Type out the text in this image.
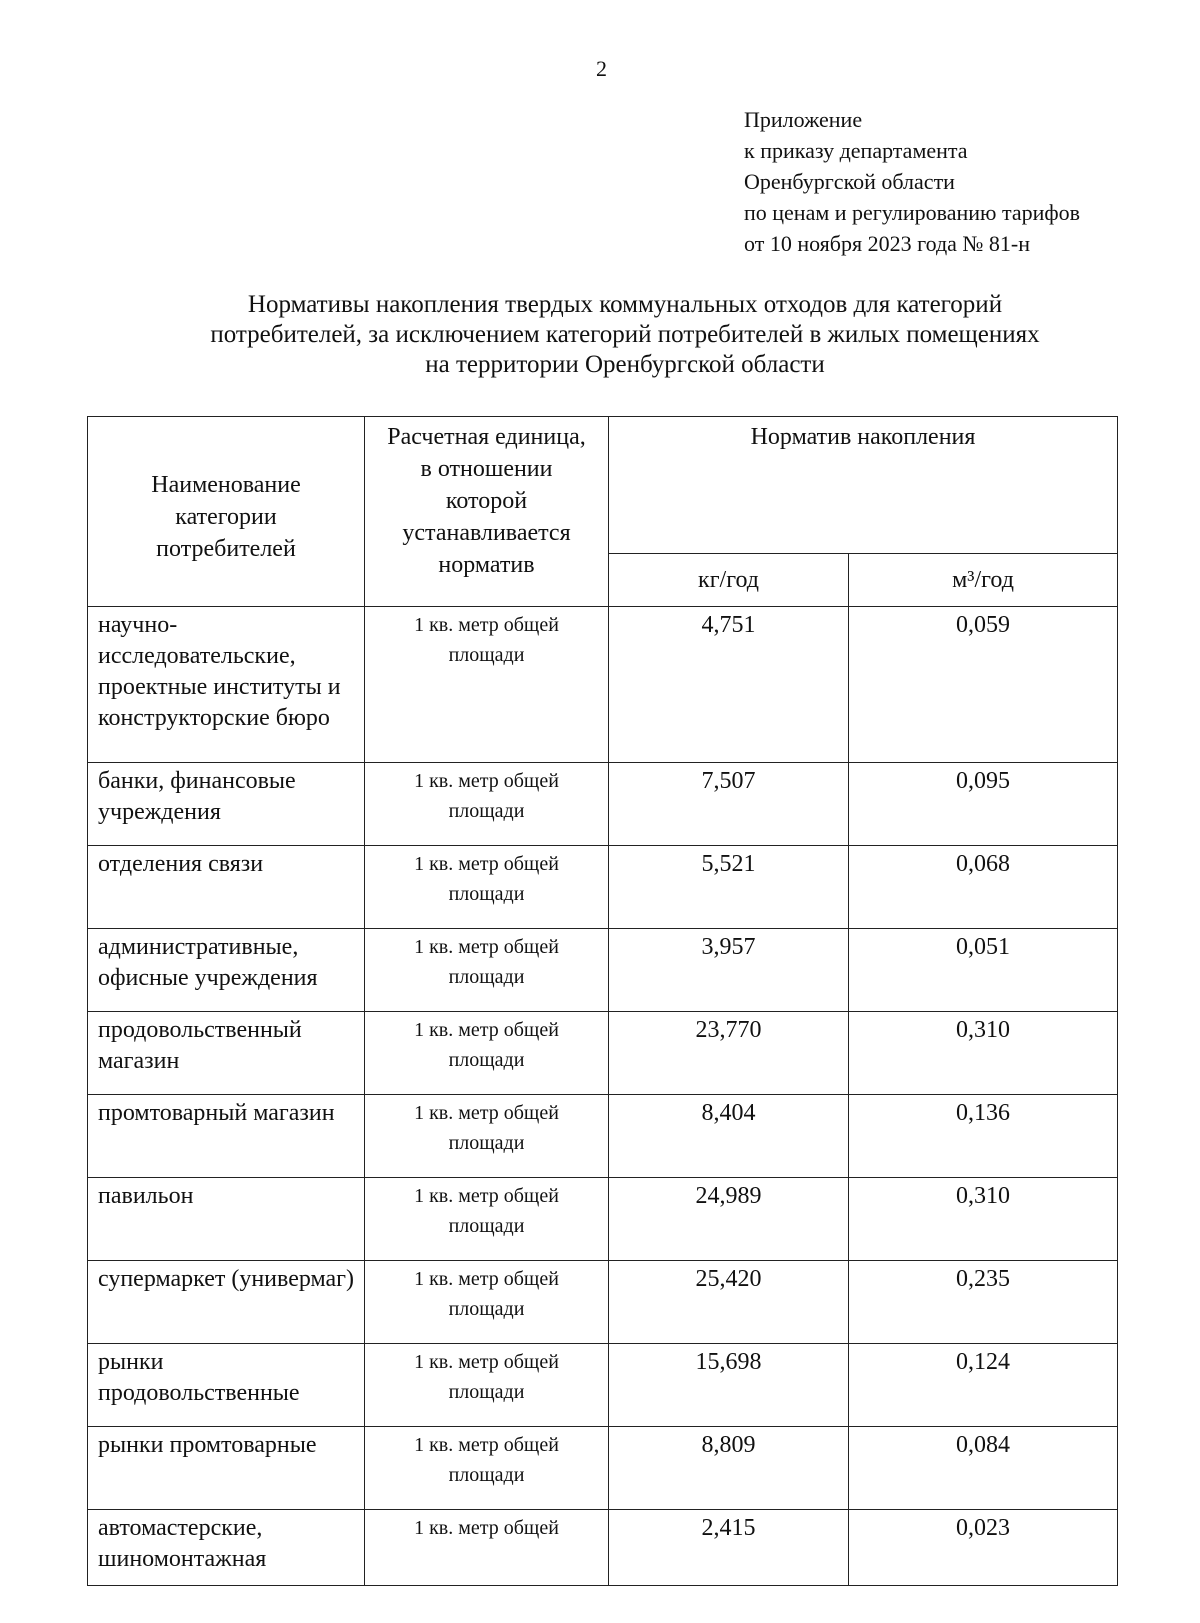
2
Приложение
к приказу департамента
Оренбургской области
по ценам и регулированию тарифов
от 10 ноября 2023 года № 81-н
Нормативы накопления твердых коммунальных отходов для категорий
потребителей, за исключением категорий потребителей в жилых помещениях
на территории Оренбургской области
Наименование категории потребителей	Расчетная единица, в отношении которой устанавливается норматив	Норматив накопления	
		кг/год	м³/год
научно-исследовательские, проектные институты и конструкторские бюро	1 кв. метр общей площади	4,751	0,059
банки, финансовые учреждения	1 кв. метр общей площади	7,507	0,095
отделения связи	1 кв. метр общей площади	5,521	0,068
административные, офисные учреждения	1 кв. метр общей площади	3,957	0,051
продовольственный магазин	1 кв. метр общей площади	23,770	0,310
промтоварный магазин	1 кв. метр общей площади	8,404	0,136
павильон	1 кв. метр общей площади	24,989	0,310
супермаркет (универмаг)	1 кв. метр общей площади	25,420	0,235
рынки продовольственные	1 кв. метр общей площади	15,698	0,124
рынки промтоварные	1 кв. метр общей площади	8,809	0,084
автомастерские, шиномонтажная	1 кв. метр общей	2,415	0,023
